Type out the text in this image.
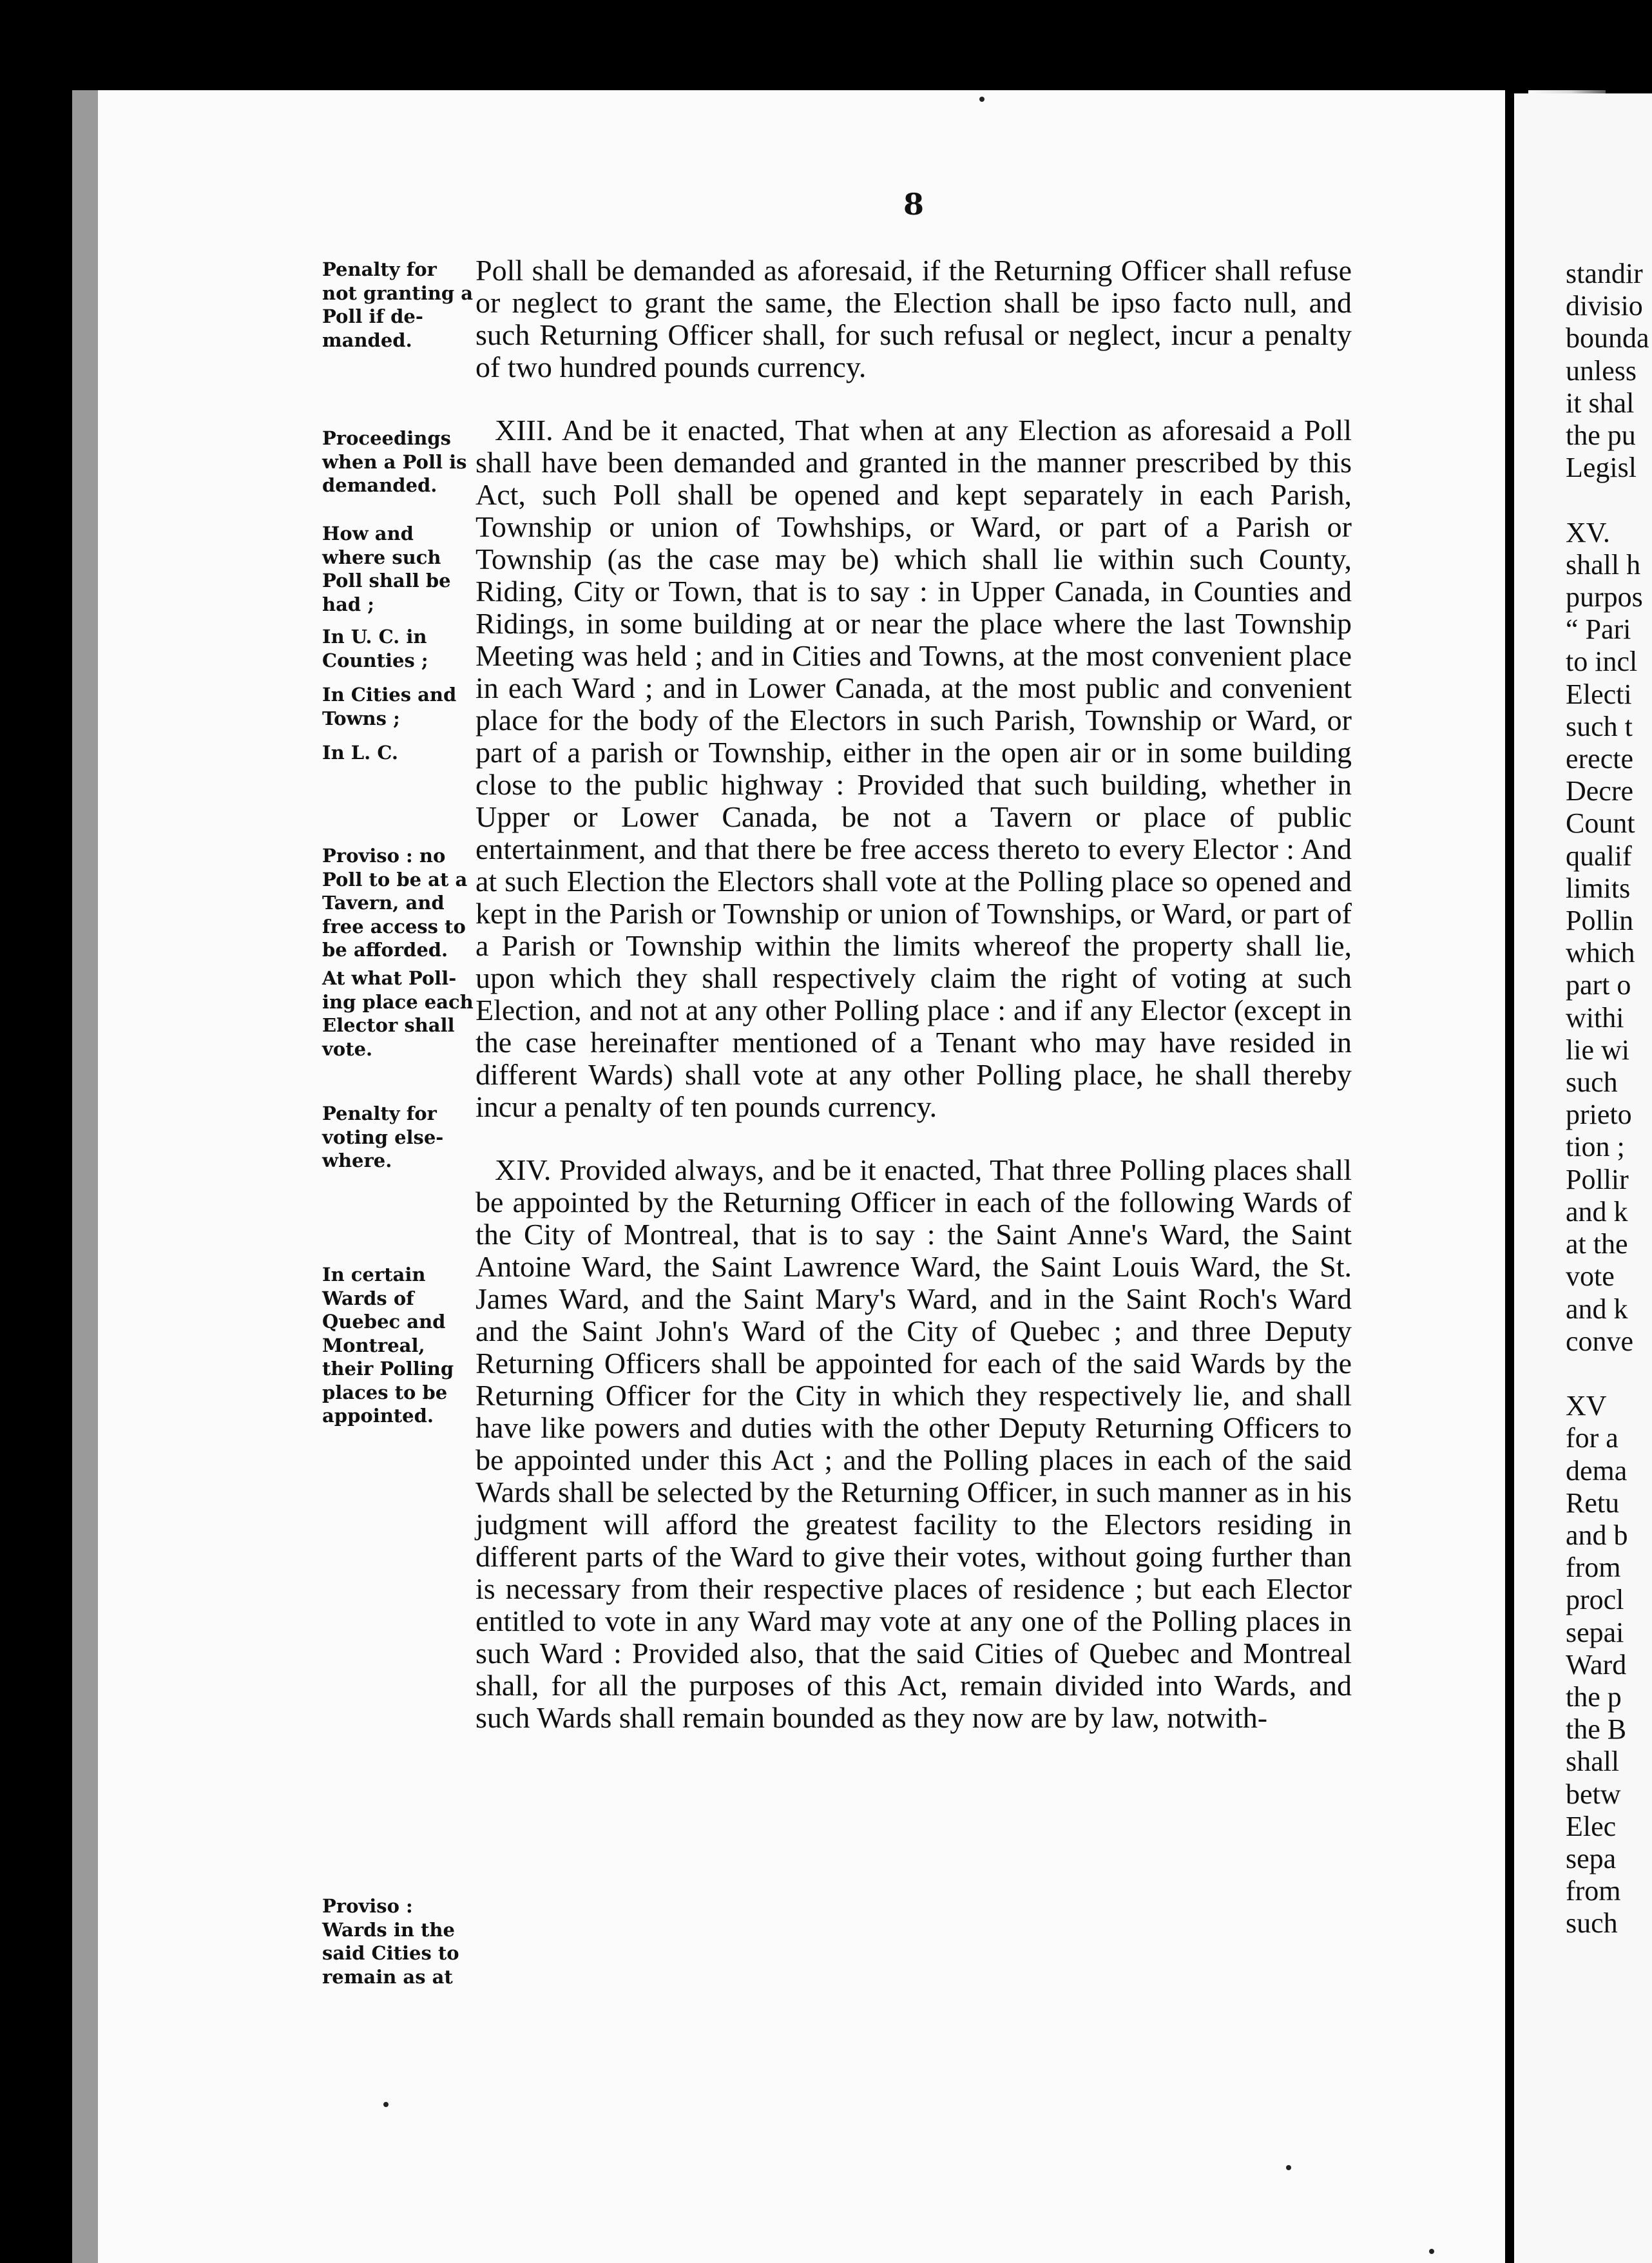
standir
divisio
bounda
unless
it shal
the pu
Legisl

XV.
shall h
purpos
“ Pari
to incl
Electi
such t
erecte
Decre
Count
qualif
limits
Pollin
which
part o
withi
lie wi
such
prieto
tion ;
Pollir
and k
at the
vote
and k
conve

XV
for a
dema
Retu
and b
from
procl
sepai
Ward
the p
the B
shall
betw
Elec
sepa
from
such
8
Penalty for
not granting a
Poll if de-
manded.
Proceedings
when a Poll is
demanded.
How and
where such
Poll shall be
had ;
In U. C. in
Counties ;
In Cities and
Towns ;
In L. C.
Proviso : no
Poll to be at a
Tavern, and
free access to
be afforded.
At what Poll-
ing place each
Elector shall
vote.
Penalty for
voting else-
where.
In certain
Wards of
Quebec and
Montreal,
their Polling
places to be
appointed.
Proviso :
Wards in the
said Cities to
remain as at

Poll shall be demanded as aforesaid, if the Returning Officer shall refuse or neglect to grant the same, the Election shall be ipso facto null, and such Returning Officer shall, for such refusal or neglect, incur a penalty of two hundred pounds currency.

XIII. And be it enacted, That when at any Election as aforesaid a Poll shall have been demanded and granted in the manner prescribed by this Act, such Poll shall be opened and kept separately in each Parish, Township or union of Towhships, or Ward, or part of a Parish or Township (as the case may be) which shall lie within such County, Riding, City or Town, that is to say : in Upper Canada, in Counties and Ridings, in some building at or near the place where the last Township Meeting was held ; and in Cities and Towns, at the most convenient place in each Ward ; and in Lower Canada, at the most public and convenient place for the body of the Electors in such Parish, Township or Ward, or part of a parish or Township, either in the open air or in some building close to the public highway : Provided that such building, whether in Upper or Lower Canada, be not a Tavern or place of public entertainment, and that there be free access thereto to every Elector : And at such Election the Electors shall vote at the Polling place so opened and kept in the Parish or Township or union of Townships, or Ward, or part of a Parish or Township within the limits whereof the property shall lie, upon which they shall respectively claim the right of voting at such Election, and not at any other Polling place : and if any Elector (except in the case hereinafter mentioned of a Tenant who may have resided in different Wards) shall vote at any other Polling place, he shall thereby incur a penalty of ten pounds currency.

XIV. Provided always, and be it enacted, That three Polling places shall be appointed by the Returning Officer in each of the following Wards of the City of Montreal, that is to say : the Saint Anne's Ward, the Saint Antoine Ward, the Saint Lawrence Ward, the Saint Louis Ward, the St. James Ward, and the Saint Mary's Ward, and in the Saint Roch's Ward and the Saint John's Ward of the City of Quebec ; and three Deputy Returning Officers shall be appointed for each of the said Wards by the Returning Officer for the City in which they respectively lie, and shall have like powers and duties with the other Deputy Returning Officers to be appointed under this Act ; and the Polling places in each of the said Wards shall be selected by the Returning Officer, in such manner as in his judgment will afford the greatest facility to the Electors residing in different parts of the Ward to give their votes, without going further than is necessary from their respective places of residence ; but each Elector entitled to vote in any Ward may vote at any one of the Polling places in such Ward : Provided also, that the said Cities of Quebec and Montreal shall, for all the purposes of this Act, remain divided into Wards, and such Wards shall remain bounded as they now are by law, notwith-
